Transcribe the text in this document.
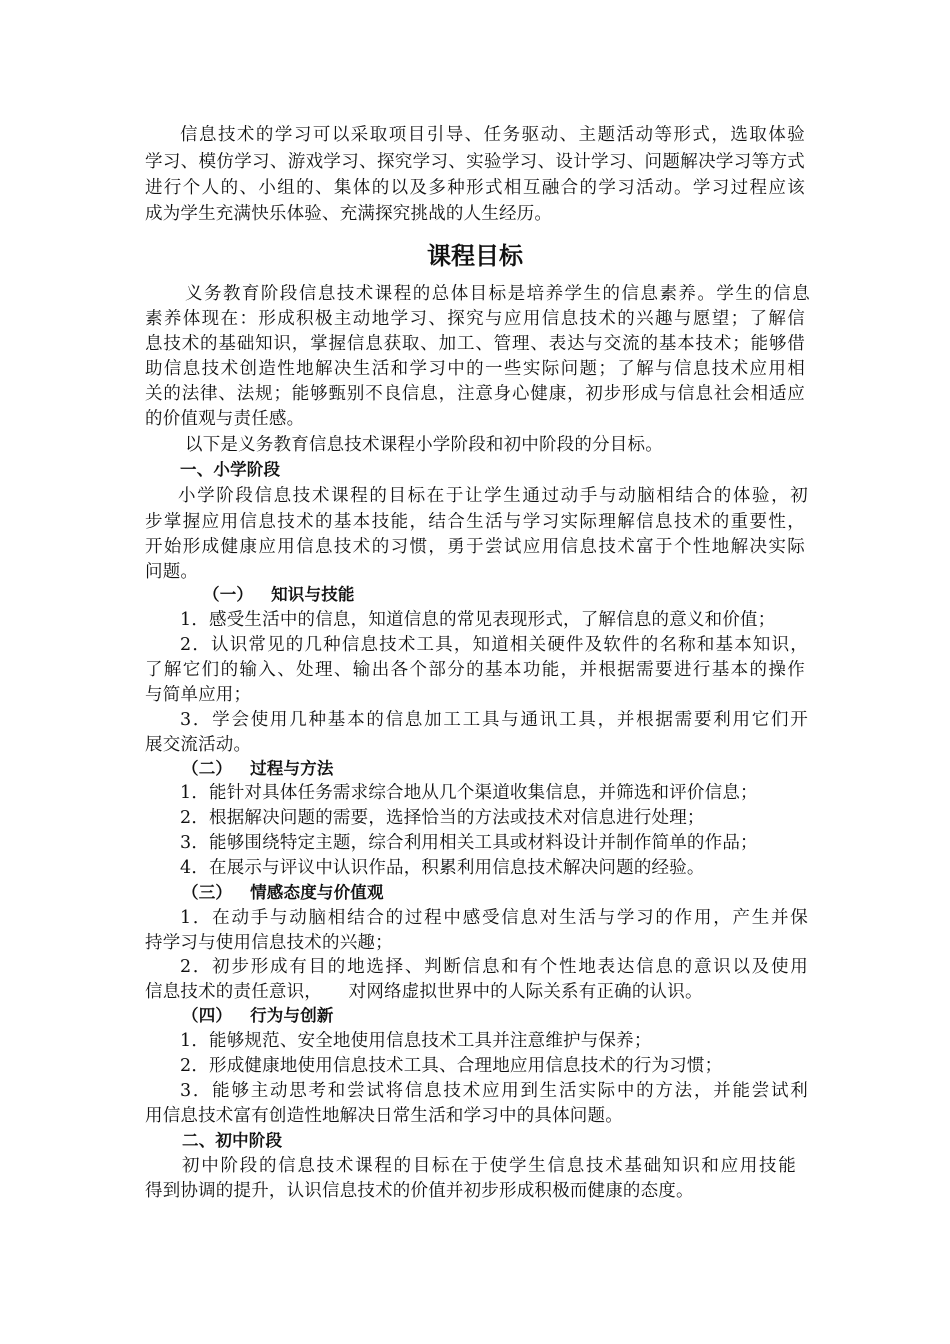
信息技术的学习可以采取项目引导、任务驱动、主题活动等形式，选取体验
学习、模仿学习、游戏学习、探究学习、实验学习、设计学习、问题解决学习等方式
进行个人的、小组的、集体的以及多种形式相互融合的学习活动。学习过程应该
成为学生充满快乐体验、充满探究挑战的人生经历。
课程目标
义务教育阶段信息技术课程的总体目标是培养学生的信息素养。学生的信息
素养体现在：形成积极主动地学习、探究与应用信息技术的兴趣与愿望；了解信
息技术的基础知识，掌握信息获取、加工、管理、表达与交流的基本技术；能够借
助信息技术创造性地解决生活和学习中的一些实际问题；了解与信息技术应用相
关的法律、法规；能够甄别不良信息，注意身心健康，初步形成与信息社会相适应
的价值观与责任感。
以下是义务教育信息技术课程小学阶段和初中阶段的分目标。
一、小学阶段
小学阶段信息技术课程的目标在于让学生通过动手与动脑相结合的体验，初
步掌握应用信息技术的基本技能，结合生活与学习实际理解信息技术的重要性，
开始形成健康应用信息技术的习惯，勇于尝试应用信息技术富于个性地解决实际
问题。
（一） 知识与技能
1．感受生活中的信息，知道信息的常见表现形式，了解信息的意义和价值；
2．认识常见的几种信息技术工具，知道相关硬件及软件的名称和基本知识，
了解它们的输入、处理、输出各个部分的基本功能，并根据需要进行基本的操作
与简单应用；
3．学会使用几种基本的信息加工工具与通讯工具，并根据需要利用它们开
展交流活动。
（二） 过程与方法
1．能针对具体任务需求综合地从几个渠道收集信息，并筛选和评价信息；
2．根据解决问题的需要，选择恰当的方法或技术对信息进行处理；
3．能够围绕特定主题，综合利用相关工具或材料设计并制作简单的作品；
4．在展示与评议中认识作品，积累利用信息技术解决问题的经验。
（三） 情感态度与价值观
1．在动手与动脑相结合的过程中感受信息对生活与学习的作用，产生并保
持学习与使用信息技术的兴趣；
2．初步形成有目的地选择、判断信息和有个性地表达信息的意识以及使用
信息技术的责任意识，　　对网络虚拟世界中的人际关系有正确的认识。
（四） 行为与创新
1．能够规范、安全地使用信息技术工具并注意维护与保养；
2．形成健康地使用信息技术工具、合理地应用信息技术的行为习惯；
3．能够主动思考和尝试将信息技术应用到生活实际中的方法，并能尝试利
用信息技术富有创造性地解决日常生活和学习中的具体问题。
二、初中阶段
初中阶段的信息技术课程的目标在于使学生信息技术基础知识和应用技能
得到协调的提升，认识信息技术的价值并初步形成积极而健康的态度。
